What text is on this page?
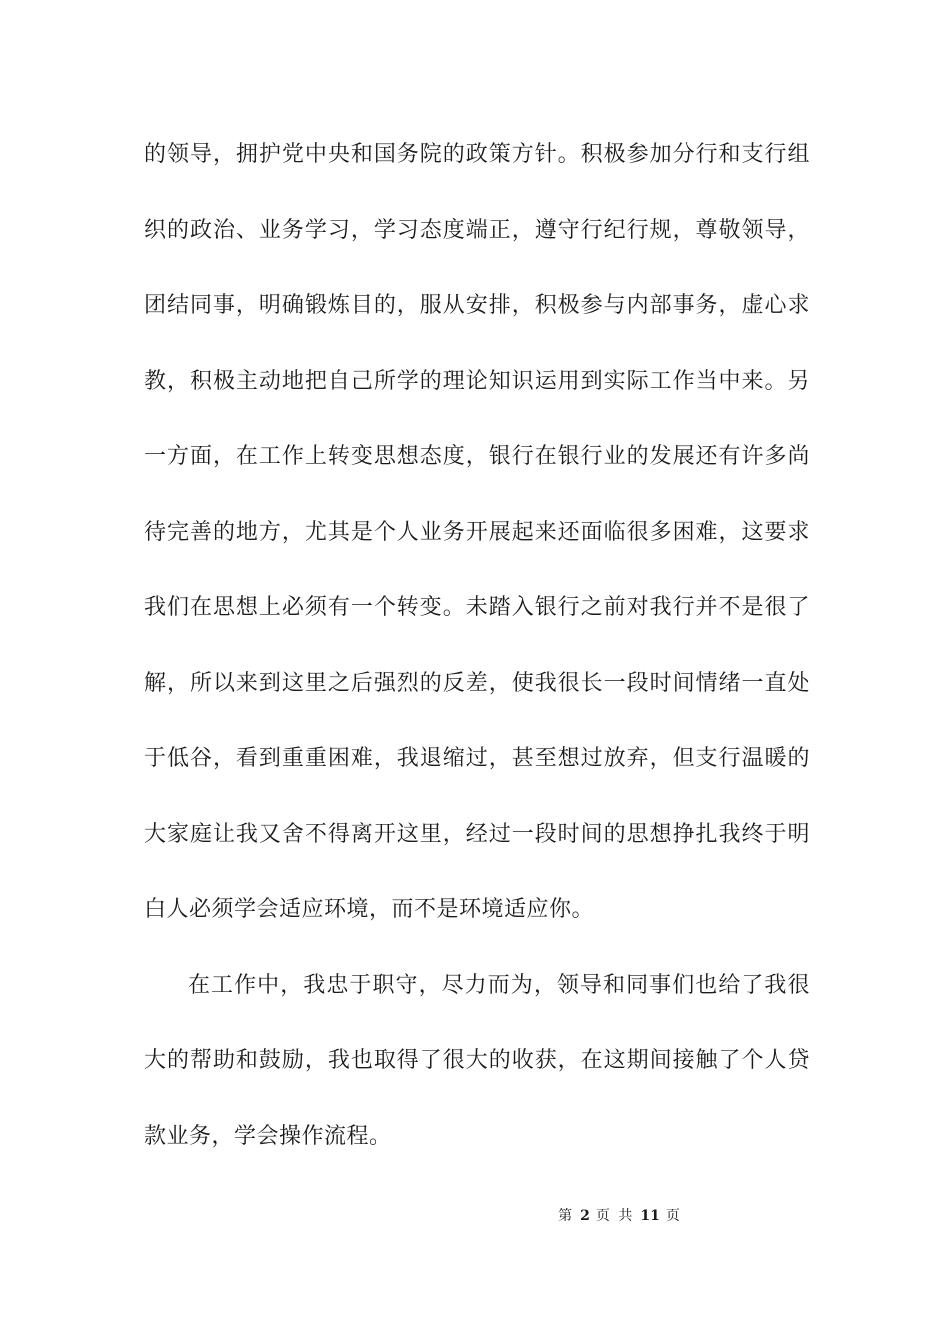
的领导，拥护党中央和国务院的政策方针。积极参加分行和支行组
织的政治、业务学习，学习态度端正，遵守行纪行规，尊敬领导，
团结同事，明确锻炼目的，服从安排，积极参与内部事务，虚心求
教，积极主动地把自己所学的理论知识运用到实际工作当中来。另
一方面，在工作上转变思想态度，银行在银行业的发展还有许多尚
待完善的地方，尤其是个人业务开展起来还面临很多困难，这要求
我们在思想上必须有一个转变。未踏入银行之前对我行并不是很了
解，所以来到这里之后强烈的反差，使我很长一段时间情绪一直处
于低谷，看到重重困难，我退缩过，甚至想过放弃，但支行温暖的
大家庭让我又舍不得离开这里，经过一段时间的思想挣扎我终于明
白人必须学会适应环境，而不是环境适应你。
在工作中，我忠于职守，尽力而为，领导和同事们也给了我很
大的帮助和鼓励，我也取得了很大的收获，在这期间接触了个人贷
款业务，学会操作流程。
第 2 页 共 11 页
